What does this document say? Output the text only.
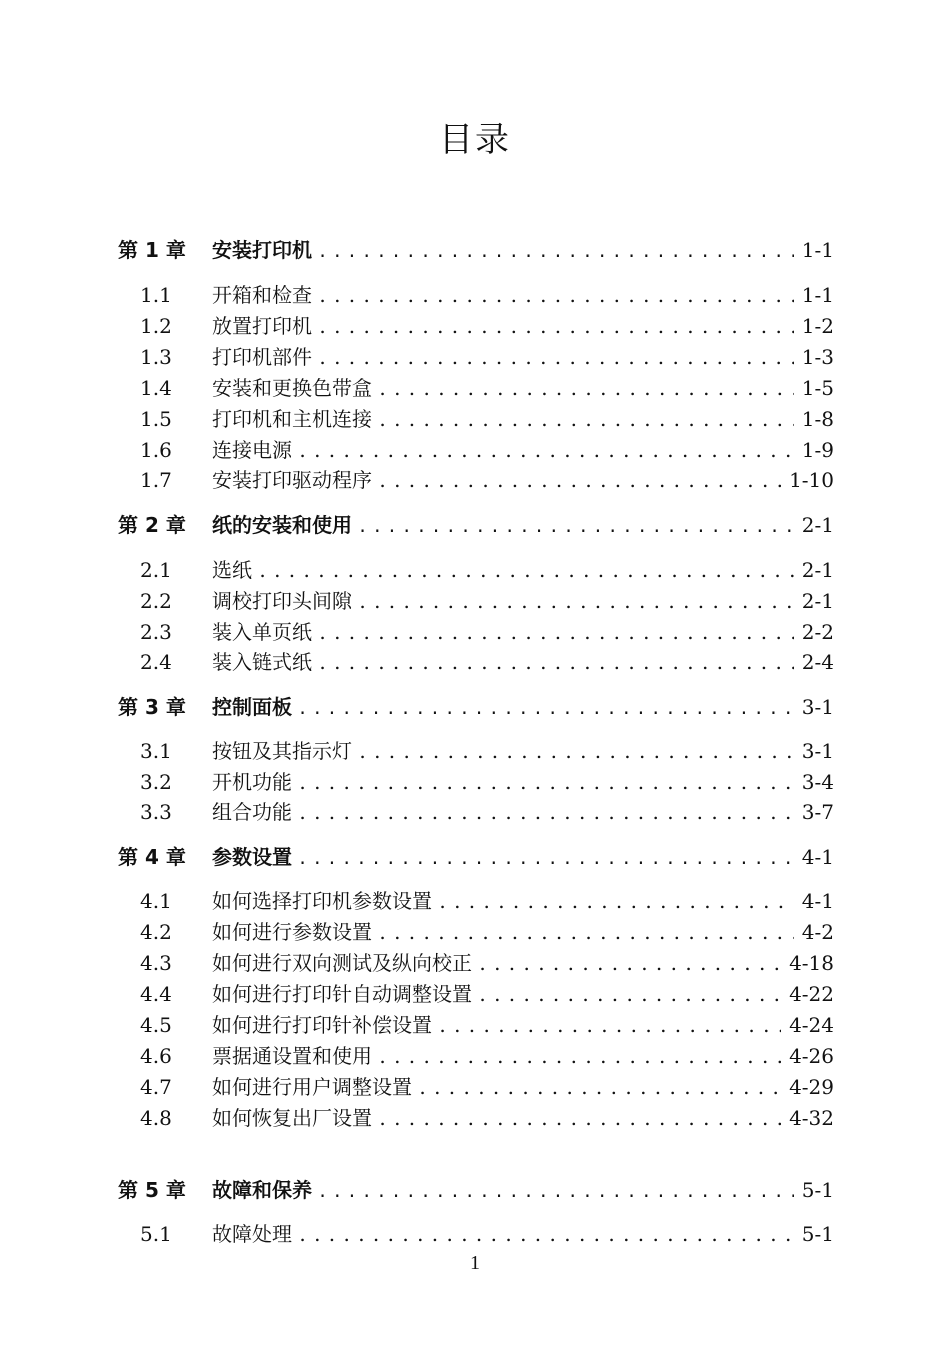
目录
第 1 章 安装打印机 . . .	1-1
1.1 开箱和检查 . . .	1-1
1.2 放置打印机 . . .	1-2
1.3 打印机部件 . . .	1-3
1.4 安装和更换色带盒 . . .	1-5
1.5 打印机和主机连接 . . .	1-8
1.6 连接电源 . . .	1-9
1.7 安装打印驱动程序 . . .	1-10
第 2 章 纸的安装和使用 . . .	2-1
2.1 选纸 . . .	2-1
2.2 调校打印头间隙 . . .	2-1
2.3 装入单页纸 . . .	2-2
2.4 装入链式纸 . . .	2-4
第 3 章 控制面板 . . .	3-1
3.1 按钮及其指示灯 . . .	3-1
3.2 开机功能 . . .	3-4
3.3 组合功能 . . .	3-7
第 4 章 参数设置 . . .	4-1
4.1 如何选择打印机参数设置 . . .	4-1
4.2 如何进行参数设置 . . .	4-2
4.3 如何进行双向测试及纵向校正 . . .	4-18
4.4 如何进行打印针自动调整设置 . . .	4-22
4.5 如何进行打印针补偿设置 . . .	4-24
4.6 票据通设置和使用 . . .	4-26
4.7 如何进行用户调整设置 . . .	4-29
4.8 如何恢复出厂设置 . . .	4-32
第 5 章 故障和保养 . . .	5-1
5.1 故障处理 . . .	5-1
1
